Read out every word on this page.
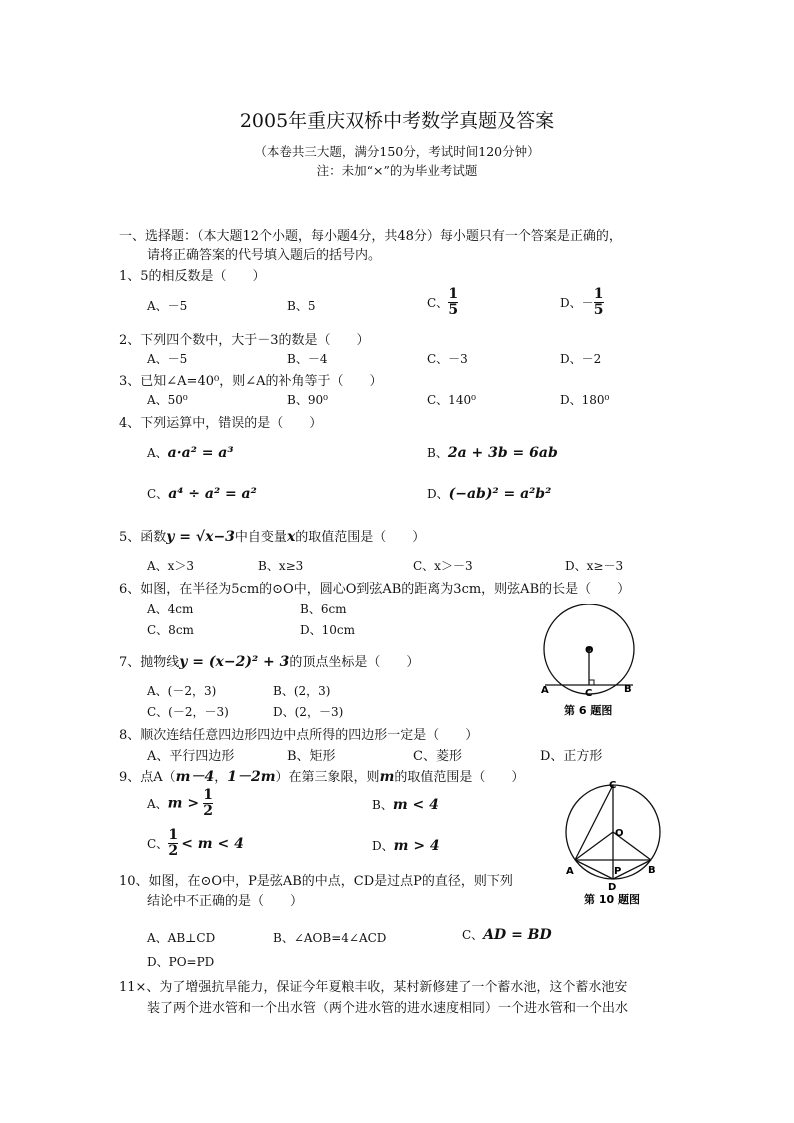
2005年重庆双桥中考数学真题及答案
（本卷共三大题，满分150分，考试时间120分钟）
注：未加“×”的为毕业考试题
一、选择题：（本大题12个小题，每小题4分，共48分）每小题只有一个答案是正确的，
请将正确答案的代号填入题后的括号内。
1、5的相反数是（　　）
A、－5	B、5	C、 $\frac{1}{5}$	D、－ $\frac{1}{5}$
2、下列四个数中，大于－3的数是（　　）
A、－5	B、－4	C、－3	D、－2
3、已知∠A=40⁰，则∠A的补角等于（　　）
A、50⁰	B、90⁰	C、140⁰	D、180⁰
4、下列运算中，错误的是（　　）
A、a·a² = a³	B、2a + 3b = 6ab
C、a⁴ ÷ a² = a²	D、(−ab)² = a²b²
5、函数y = √x−3中自变量x的取值范围是（　　）
A、x＞3	B、x≥3	C、x＞－3	D、x≥－3
6、如图，在半径为5cm的⊙O中，圆心O到弦AB的距离为3cm，则弦AB的长是（　　）
A、4cm	B、6cm
C、8cm	D、10cm
O
A	B
C
第 6 题图
7、抛物线y = (x−2)² + 3的顶点坐标是（　　）
A、(－2，3)	B、(2，3)
C、(－2，－3)	D、(2，－3)
8、顺次连结任意四边形四边中点所得的四边形一定是（　　）
A、平行四边形	B、矩形	C、菱形	D、正方形
9、点A（m－4，1－2m）在第三象限，则m的取值范围是（　　）
A、$m > \frac{1}{2}$	B、m < 4
C、 $\frac{1}{2} < m < 4$	D、m > 4
C
O
A	B
P
D
第 10 题图
10、如图，在⊙O中，P是弦AB的中点，CD是过点P的直径，则下列
结论中不正确的是（　　）
A、AB⊥CD	B、∠AOB=4∠ACD	C、AD = BD
D、PO=PD
11×、为了增强抗旱能力，保证今年夏粮丰收，某村新修建了一个蓄水池，这个蓄水池安
装了两个进水管和一个出水管（两个进水管的进水速度相同）一个进水管和一个出水
